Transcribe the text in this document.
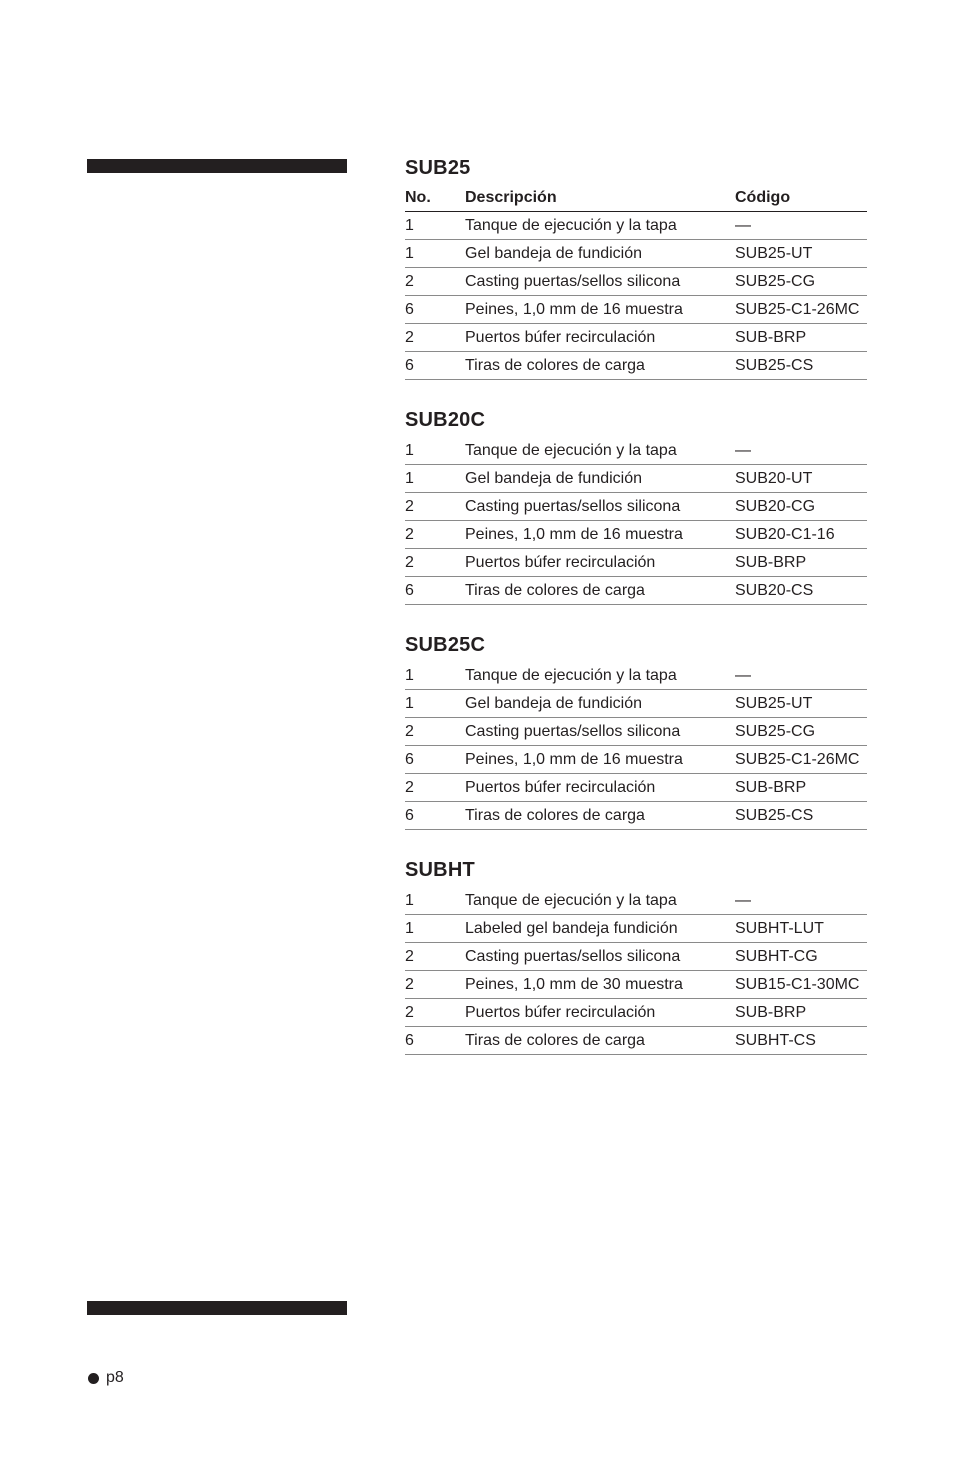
SUB25
No.	Descripción	Código
1	Tanque de ejecución y la tapa	—
1	Gel bandeja de fundición	SUB25-UT
2	Casting puertas/sellos silicona	SUB25-CG
6	Peines, 1,0 mm de 16 muestra	SUB25-C1-26MC
2	Puertos búfer recirculación	SUB-BRP
6	Tiras de colores de carga	SUB25-CS
SUB20C
1	Tanque de ejecución y la tapa	—
1	Gel bandeja de fundición	SUB20-UT
2	Casting puertas/sellos silicona	SUB20-CG
2	Peines, 1,0 mm de 16 muestra	SUB20-C1-16
2	Puertos búfer recirculación	SUB-BRP
6	Tiras de colores de carga	SUB20-CS
SUB25C
1	Tanque de ejecución y la tapa	—
1	Gel bandeja de fundición	SUB25-UT
2	Casting puertas/sellos silicona	SUB25-CG
6	Peines, 1,0 mm de 16 muestra	SUB25-C1-26MC
2	Puertos búfer recirculación	SUB-BRP
6	Tiras de colores de carga	SUB25-CS
SUBHT
1	Tanque de ejecución y la tapa	—
1	Labeled gel bandeja fundición	SUBHT-LUT
2	Casting puertas/sellos silicona	SUBHT-CG
2	Peines, 1,0 mm de 30 muestra	SUB15-C1-30MC
2	Puertos búfer recirculación	SUB-BRP
6	Tiras de colores de carga	SUBHT-CS
p8
